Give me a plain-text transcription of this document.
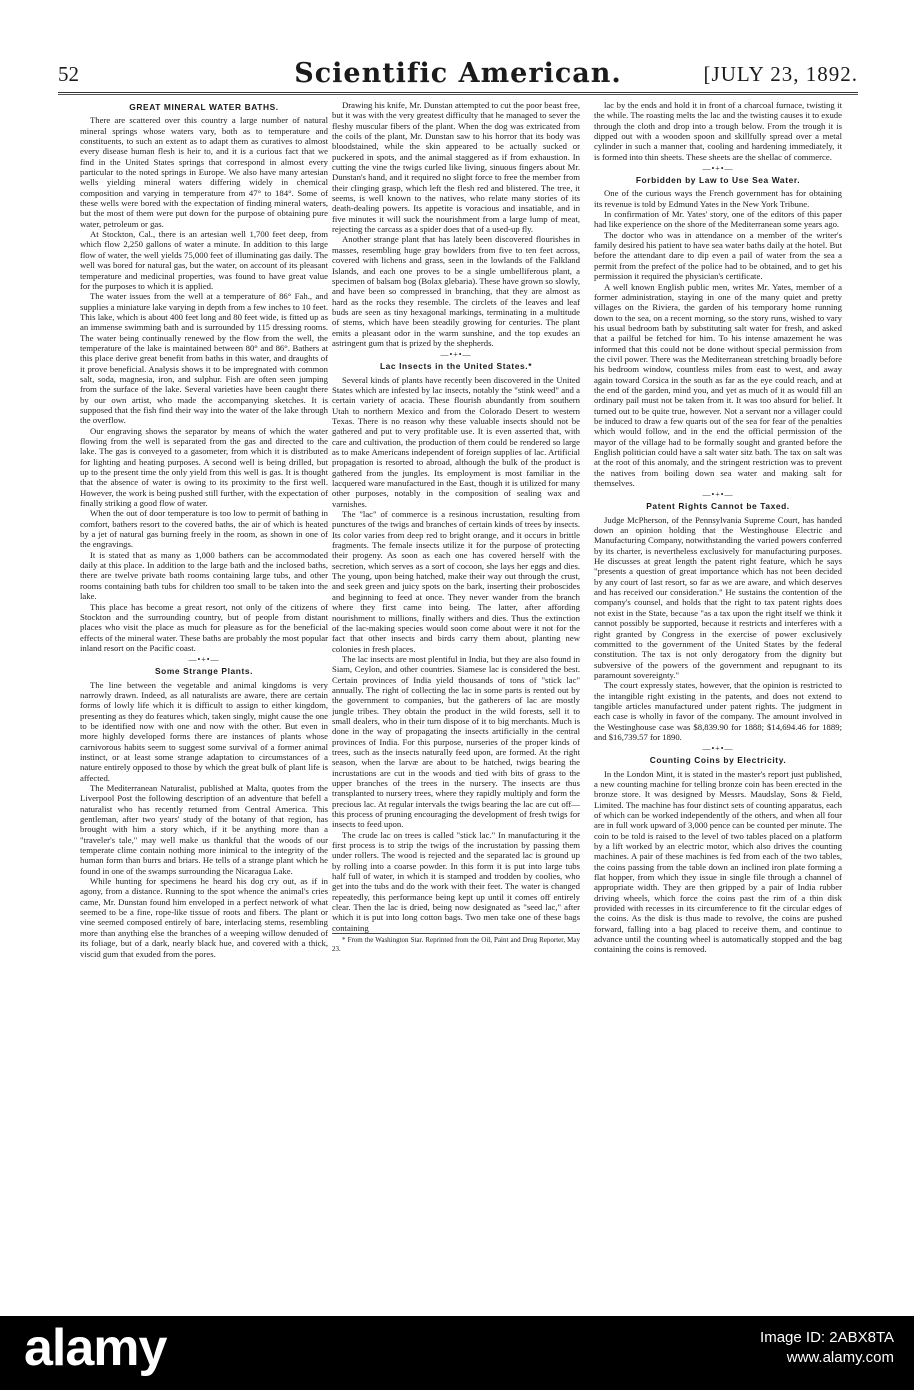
52	Scientific American.	[JULY 23, 1892.
GREAT MINERAL WATER BATHS.

There are scattered over this country a large number of natural mineral springs whose waters vary, both as to temperature and constituents, to such an extent as to adapt them as curatives to almost every disease human flesh is heir to, and it is a curious fact that we find in the United States springs that correspond in almost every particular to the noted springs in Europe. We also have many artesian wells yielding mineral waters differing widely in chemical composition and varying in temperature from 47° to 184°. Some of these wells were bored with the expectation of finding mineral waters, but the most of them were put down for the purpose of obtaining pure water, petroleum or gas.

At Stockton, Cal., there is an artesian well 1,700 feet deep, from which flow 2,250 gallons of water a minute. In addition to this large flow of water, the well yields 75,000 feet of illuminating gas daily. The well was bored for natural gas, but the water, on account of its pleasant temperature and medicinal properties, was found to have great value for the purposes to which it is applied.

The water issues from the well at a temperature of 86° Fah., and supplies a miniature lake varying in depth from a few inches to 10 feet. This lake, which is about 400 feet long and 80 feet wide, is fitted up as an immense swimming bath and is surrounded by 115 dressing rooms. The water being continually renewed by the flow from the well, the temperature of the lake is maintained between 80° and 86°. Bathers at this place derive great benefit from baths in this water, and draughts of it prove beneficial. Analysis shows it to be impregnated with common salt, soda, magnesia, iron, and sulphur. Fish are often seen jumping from the surface of the lake. Several varieties have been caught there by our own artist, who made the accompanying sketches. It is supposed that the fish find their way into the water of the lake through the overflow.

Our engraving shows the separator by means of which the water flowing from the well is separated from the gas and directed to the lake. The gas is conveyed to a gasometer, from which it is distributed for lighting and heating purposes. A second well is being drilled, but up to the present time the only yield from this well is gas. It is thought that the absence of water is owing to its proximity to the first well. However, the work is being pushed still further, with the expectation of finally striking a good flow of water.

When the out of door temperature is too low to permit of bathing in comfort, bathers resort to the covered baths, the air of which is heated by a jet of natural gas burning freely in the room, as shown in one of the engravings.

It is stated that as many as 1,000 bathers can be accommodated daily at this place. In addition to the large bath and the inclosed baths, there are twelve private bath rooms containing large tubs, and other rooms containing bath tubs for children too small to be taken into the lake.

This place has become a great resort, not only of the citizens of Stockton and the surrounding country, but of people from distant places who visit the place as much for pleasure as for the beneficial effects of the mineral water. These baths are probably the most popular inland resort on the Pacific coast.

—•+•—
Some Strange Plants.

The line between the vegetable and animal kingdoms is very narrowly drawn. Indeed, as all naturalists are aware, there are certain forms of lowly life which it is difficult to assign to either kingdom, presenting as they do features which, taken singly, might cause the one to be identified now with one and now with the other. But even in more highly developed forms there are instances of plants whose carnivorous habits seem to suggest some survival of a former animal instinct, or at least some strange adaptation to circumstances of a nature entirely opposed to those by which the great bulk of plant life is affected.

The Mediterranean Naturalist, published at Malta, quotes from the Liverpool Post the following description of an adventure that befell a naturalist who has recently returned from Central America. This gentleman, after two years' study of the botany of that region, has brought with him a story which, if it be anything more than a "traveler's tale," may well make us thankful that the woods of our temperate clime contain nothing more inimical to the integrity of the human form than burrs and briars. He tells of a strange plant which he found in one of the swamps surrounding the Nicaragua Lake.

While hunting for specimens he heard his dog cry out, as if in agony, from a distance. Running to the spot whence the animal's cries came, Mr. Dunstan found him enveloped in a perfect network of what seemed to be a fine, rope-like tissue of roots and fibers. The plant or vine seemed composed entirely of bare, interlacing stems, resembling more than anything else the branches of a weeping willow denuded of its foliage, but of a dark, nearly black hue, and covered with a thick, viscid gum that exuded from the pores.

Drawing his knife, Mr. Dunstan attempted to cut the poor beast free, but it was with the very greatest difficulty that he managed to sever the fleshy muscular fibers of the plant. When the dog was extricated from the coils of the plant, Mr. Dunstan saw to his horror that its body was bloodstained, while the skin appeared to be actually sucked or puckered in spots, and the animal staggered as if from exhaustion. In cutting the vine the twigs curled like living, sinuous fingers about Mr. Dunstan's hand, and it required no slight force to free the member from their clinging grasp, which left the flesh red and blistered. The tree, it seems, is well known to the natives, who relate many stories of its death-dealing powers. Its appetite is voracious and insatiable, and in five minutes it will suck the nourishment from a large lump of meat, rejecting the carcass as a spider does that of a used-up fly.

Another strange plant that has lately been discovered flourishes in masses, resembling huge gray bowlders from five to ten feet across, covered with lichens and grass, seen in the lowlands of the Falkland Islands, and each one proves to be a single umbelliferous plant, a specimen of balsam bog (Bolax glebaria). These have grown so slowly, and have been so compressed in branching, that they are almost as hard as the rocks they resemble. The circlets of the leaves and leaf buds are seen as tiny hexagonal markings, terminating in a multitude of stems, which have been steadily growing for centuries. The plant emits a pleasant odor in the warm sunshine, and the top exudes an astringent gum that is prized by the shepherds.

—•+•—
Lac Insects in the United States.*

Several kinds of plants have recently been discovered in the United States which are infested by lac insects, notably the "stink weed" and a certain variety of acacia. These flourish abundantly from southern Utah to northern Mexico and from the Colorado Desert to western Texas. There is no reason why these valuable insects should not be gathered and put to very profitable use. It is even asserted that, with care and cultivation, the production of them could be rendered so large as to make Americans independent of foreign supplies of lac. Artificial propagation is resorted to abroad, although the bulk of the product is gathered from the jungles. Its employment is most familiar in the lacquered ware manufactured in the East, though it is utilized for many other purposes, notably in the composition of sealing wax and varnishes.

The "lac" of commerce is a resinous incrustation, resulting from punctures of the twigs and branches of certain kinds of trees by insects. Its color varies from deep red to bright orange, and it occurs in brittle fragments. The female insects utilize it for the purpose of protecting their progeny. As soon as each one has covered herself with the secretion, which serves as a sort of cocoon, she lays her eggs and dies. The young, upon being hatched, make their way out through the crust, and seek green and juicy spots on the bark, inserting their proboscides and beginning to feed at once. They never wander from the branch where they first came into being. The latter, after affording nourishment to millions, finally withers and dies. Thus the extinction of the lac-making species would soon come about were it not for the fact that other insects and birds carry them about, planting new colonies in fresh places.

The lac insects are most plentiful in India, but they are also found in Siam, Ceylon, and other countries. Siamese lac is considered the best. Certain provinces of India yield thousands of tons of "stick lac" annually. The right of collecting the lac in some parts is rented out by the government to companies, but the gatherers of lac are mostly jungle tribes. They obtain the product in the wild forests, sell it to small dealers, who in their turn dispose of it to big merchants. Much is done in the way of propagating the insects artificially in the central provinces of India. For this purpose, nurseries of the proper kinds of trees, such as the insects naturally feed upon, are formed. At the right season, when the larvæ are about to be hatched, twigs bearing the incrustations are cut in the woods and tied with bits of grass to the upper branches of the trees in the nursery. The insects are thus transplanted to nursery trees, where they rapidly multiply and form the precious lac. At regular intervals the twigs bearing the lac are cut off—this process of pruning encouraging the development of fresh twigs for insects to feed upon.

The crude lac on trees is called "stick lac." In manufacturing it the first process is to strip the twigs of the incrustation by passing them under rollers. The wood is rejected and the separated lac is ground up by rolling into a coarse powder. In this form it is put into large tubs half full of water, in which it is stamped and trodden by coolies, who get into the tubs and do the work with their feet. The water is changed repeatedly, this performance being kept up until it comes off entirely clear. Then the lac is dried, being now designated as "seed lac," after which it is put into long cotton bags. Two men take one of these bags containing

* From the Washington Star. Reprinted from the Oil, Paint and Drug Reporter, May 23.

lac by the ends and hold it in front of a charcoal furnace, twisting it the while. The roasting melts the lac and the twisting causes it to exude through the cloth and drop into a trough below. From the trough it is dipped out with a wooden spoon and skillfully spread over a metal cylinder in such a manner that, cooling and hardening immediately, it is formed into thin sheets. These sheets are the shellac of commerce.

—•+•—
Forbidden by Law to Use Sea Water.

One of the curious ways the French government has for obtaining its revenue is told by Edmund Yates in the New York Tribune.

In confirmation of Mr. Yates' story, one of the editors of this paper had like experience on the shore of the Mediterranean some years ago.

The doctor who was in attendance on a member of the writer's family desired his patient to have sea water baths daily at the hotel. But before the attendant dare to dip even a pail of water from the sea a permit from the prefect of the police had to be obtained, and to get his permission it required the physician's certificate.

A well known English public men, writes Mr. Yates, member of a former administration, staying in one of the many quiet and pretty villages on the Riviera, the garden of his temporary home running down to the sea, on a recent morning, so the story runs, wished to vary his usual bedroom bath by substituting salt water for fresh, and asked that a pailful be fetched for him. To his intense amazement he was informed that this could not be done without special permission from the civil power. There was the Mediterranean stretching broadly before his bedroom window, countless miles from east to west, and away again toward Corsica in the south as far as the eye could reach, and at the end of the garden, mind you, and yet as much of it as would fill an ordinary pail must not be taken from it. It was too absurd for belief. It turned out to be quite true, however. Not a servant nor a villager could be induced to draw a few quarts out of the sea for fear of the penalties which would follow, and in the end the official permission of the mayor of the village had to be formally sought and granted before the English politician could have a salt water sitz bath. The tax on salt was at the root of this anomaly, and the stringent restriction was to prevent the natives from boiling down sea water and making salt for themselves.

—•+•—
Patent Rights Cannot be Taxed.

Judge McPherson, of the Pennsylvania Supreme Court, has handed down an opinion holding that the Westinghouse Electric and Manufacturing Company, notwithstanding the varied powers conferred by its charter, is nevertheless exclusively for manufacturing purposes. He discusses at great length the patent right feature, which he says "presents a question of great importance which has not been decided by any court of last resort, so far as we are aware, and which deserves and has received our consideration." He sustains the contention of the company's counsel, and holds that the right to tax patent rights does not exist in the State, because "as a tax upon the right itself we think it cannot possibly be supported, because it restricts and interferes with a right granted by Congress in the exercise of power exclusively committed to the government of the United States by the federal constitution. The tax is not only derogatory from the dignity but subversive of the powers of the government and repugnant to its paramount sovereignty."

The court expressly states, however, that the opinion is restricted to the intangible right existing in the patents, and does not extend to tangible articles manufactured under patent rights. The judgment in each case is wholly in favor of the company. The amount involved in the Westinghouse case was $8,839.90 for 1888; $14,694.46 for 1889; and $16,739.57 for 1890.

—•+•—
Counting Coins by Electricity.

In the London Mint, it is stated in the master's report just published, a new counting machine for telling bronze coin has been erected in the bronze store. It was designed by Messrs. Maudslay, Sons & Field, Limited. The machine has four distinct sets of counting apparatus, each of which can be worked independently of the others, and when all four are in full work upward of 3,000 pence can be counted per minute. The coin to be told is raised to the level of two tables placed on a platform by a lift worked by an electric motor, which also drives the counting machines. A pair of these machines is fed from each of the two tables, the coins passing from the table down an inclined iron plate forming a flat hopper, from which they issue in single file through a channel of appropriate width. They are then gripped by a pair of India rubber driving wheels, which force the coins past the rim of a thin disk provided with recesses in its circumference to fit the circular edges of the coins. As the disk is thus made to revolve, the coins are pushed forward, falling into a bag placed to receive them, and continue to advance until the counting wheel is automatically stopped and the bag containing the coins is removed.

alamy	Image ID: 2ABX8TA
www.alamy.com
